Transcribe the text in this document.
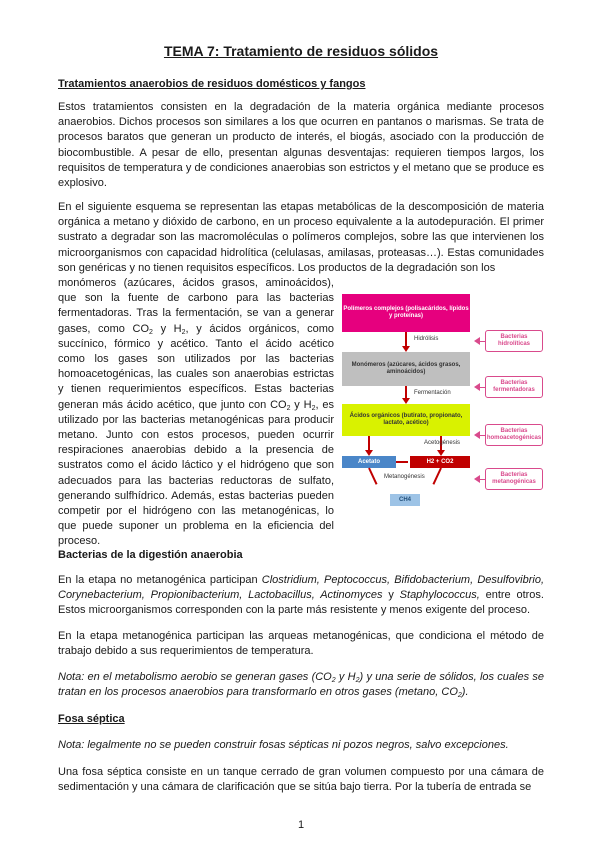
TEMA 7: Tratamiento de residuos sólidos
Tratamientos anaerobios de residuos domésticos y fangos
Estos tratamientos consisten en la degradación de la materia orgánica mediante procesos anaerobios. Dichos procesos son similares a los que ocurren en pantanos o marismas. Se trata de procesos baratos que generan un producto de interés, el biogás, asociado con la producción de biocombustible. A pesar de ello, presentan algunas desventajas: requieren tiempos largos, los requisitos de temperatura y de condiciones anaerobias son estrictos y el metano que se produce es explosivo.
En el siguiente esquema se representan las etapas metabólicas de la descomposición de materia orgánica a metano y dióxido de carbono, en un proceso equivalente a la autodepuración. El primer sustrato a degradar son las macromoléculas o polímeros complejos, sobre las que intervienen los microorganismos con capacidad hidrolítica (celulasas, amilasas, proteasas…). Estas comunidades son genéricas y no tienen requisitos específicos. Los productos de la degradación son los
monómeros (azúcares, ácidos grasos, aminoácidos), que son la fuente de carbono para las bacterias fermentadoras. Tras la fermentación, se van a generar gases, como $CO_2$ y $H_2$, y ácidos orgánicos, como succínico, fórmico y acético. Tanto el ácido acético como los gases son utilizados por las bacterias homoacetogénicas, las cuales son anaerobias estrictas y tienen requerimientos específicos. Estas bacterias generan más ácido acético, que junto con $CO_2$ y $H_2$, es utilizado por las bacterias metanogénicas para producir metano. Junto con estos procesos, pueden ocurrir respiraciones anaerobias debido a la presencia de sustratos como el ácido láctico y el hidrógeno que son adecuados para las bacterias reductoras de sulfato, generando sulfhídrico. Además, estas bacterias pueden competir por el hidrógeno con las metanogénicas, lo que puede suponer un problema en la eficiencia del proceso.
Polímeros complejos (polisacáridos, lípidos y proteínas)
Hidrólisis
Monómeros (azúcares, ácidos grasos, aminoácidos)
Fermentación
Ácidos orgánicos (butirato, propionato, lactato, acético)
Acetogénesis
Acetato	H2 + CO2
Metanogénesis
CH4
Bacterias hidrolíticas
Bacterias fermentadoras
Bacterias homoacetogénicas
Bacterias metanogénicas
Bacterias de la digestión anaerobia
En la etapa no metanogénica participan Clostridium, Peptococcus, Bifidobacterium, Desulfovibrio, Corynebacterium, Propionibacterium, Lactobacillus, Actinomyces y Staphylococcus, entre otros. Estos microorganismos corresponden con la parte más resistente y menos exigente del proceso.
En la etapa metanogénica participan las arqueas metanogénicas, que condiciona el método de trabajo debido a sus requerimientos de temperatura.
Nota: en el metabolismo aerobio se generan gases ($CO_2$ y $H_2$) y una serie de sólidos, los cuales se tratan en los procesos anaerobios para transformarlo en otros gases (metano, $CO_2$).
Fosa séptica
Nota: legalmente no se pueden construir fosas sépticas ni pozos negros, salvo excepciones.
Una fosa séptica consiste en un tanque cerrado de gran volumen compuesto por una cámara de sedimentación y una cámara de clarificación que se sitúa bajo tierra. Por la tubería de entrada se
1
